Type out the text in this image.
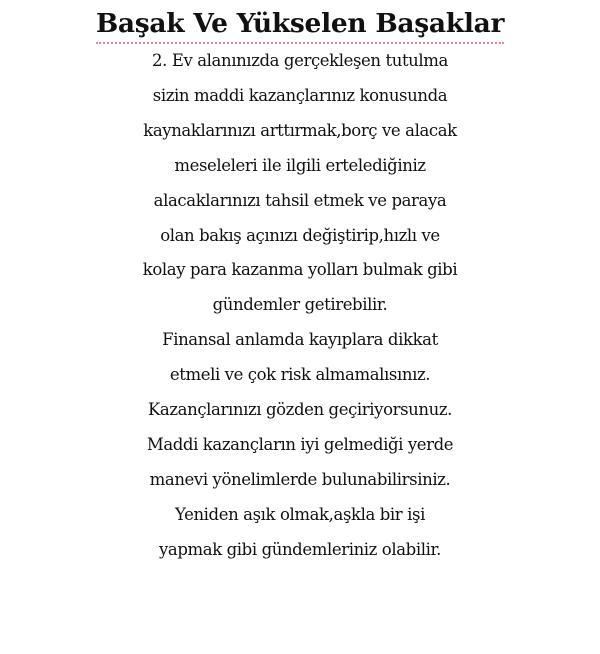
Başak Ve Yükselen Başaklar
2. Ev alanınızda gerçekleşen tutulma
sizin maddi kazançlarınız konusunda
kaynaklarınızı arttırmak,borç ve alacak
meseleleri ile ilgili ertelediğiniz
alacaklarınızı tahsil etmek ve paraya
olan bakış açınızı değiştirip,hızlı ve
kolay para kazanma yolları bulmak gibi
gündemler getirebilir.
Finansal anlamda kayıplara dikkat
etmeli ve çok risk almamalısınız.
Kazançlarınızı gözden geçiriyorsunuz.
Maddi kazançların iyi gelmediği yerde
manevi yönelimlerde bulunabilirsiniz.
Yeniden aşık olmak,aşkla bir işi
yapmak gibi gündemleriniz olabilir.
